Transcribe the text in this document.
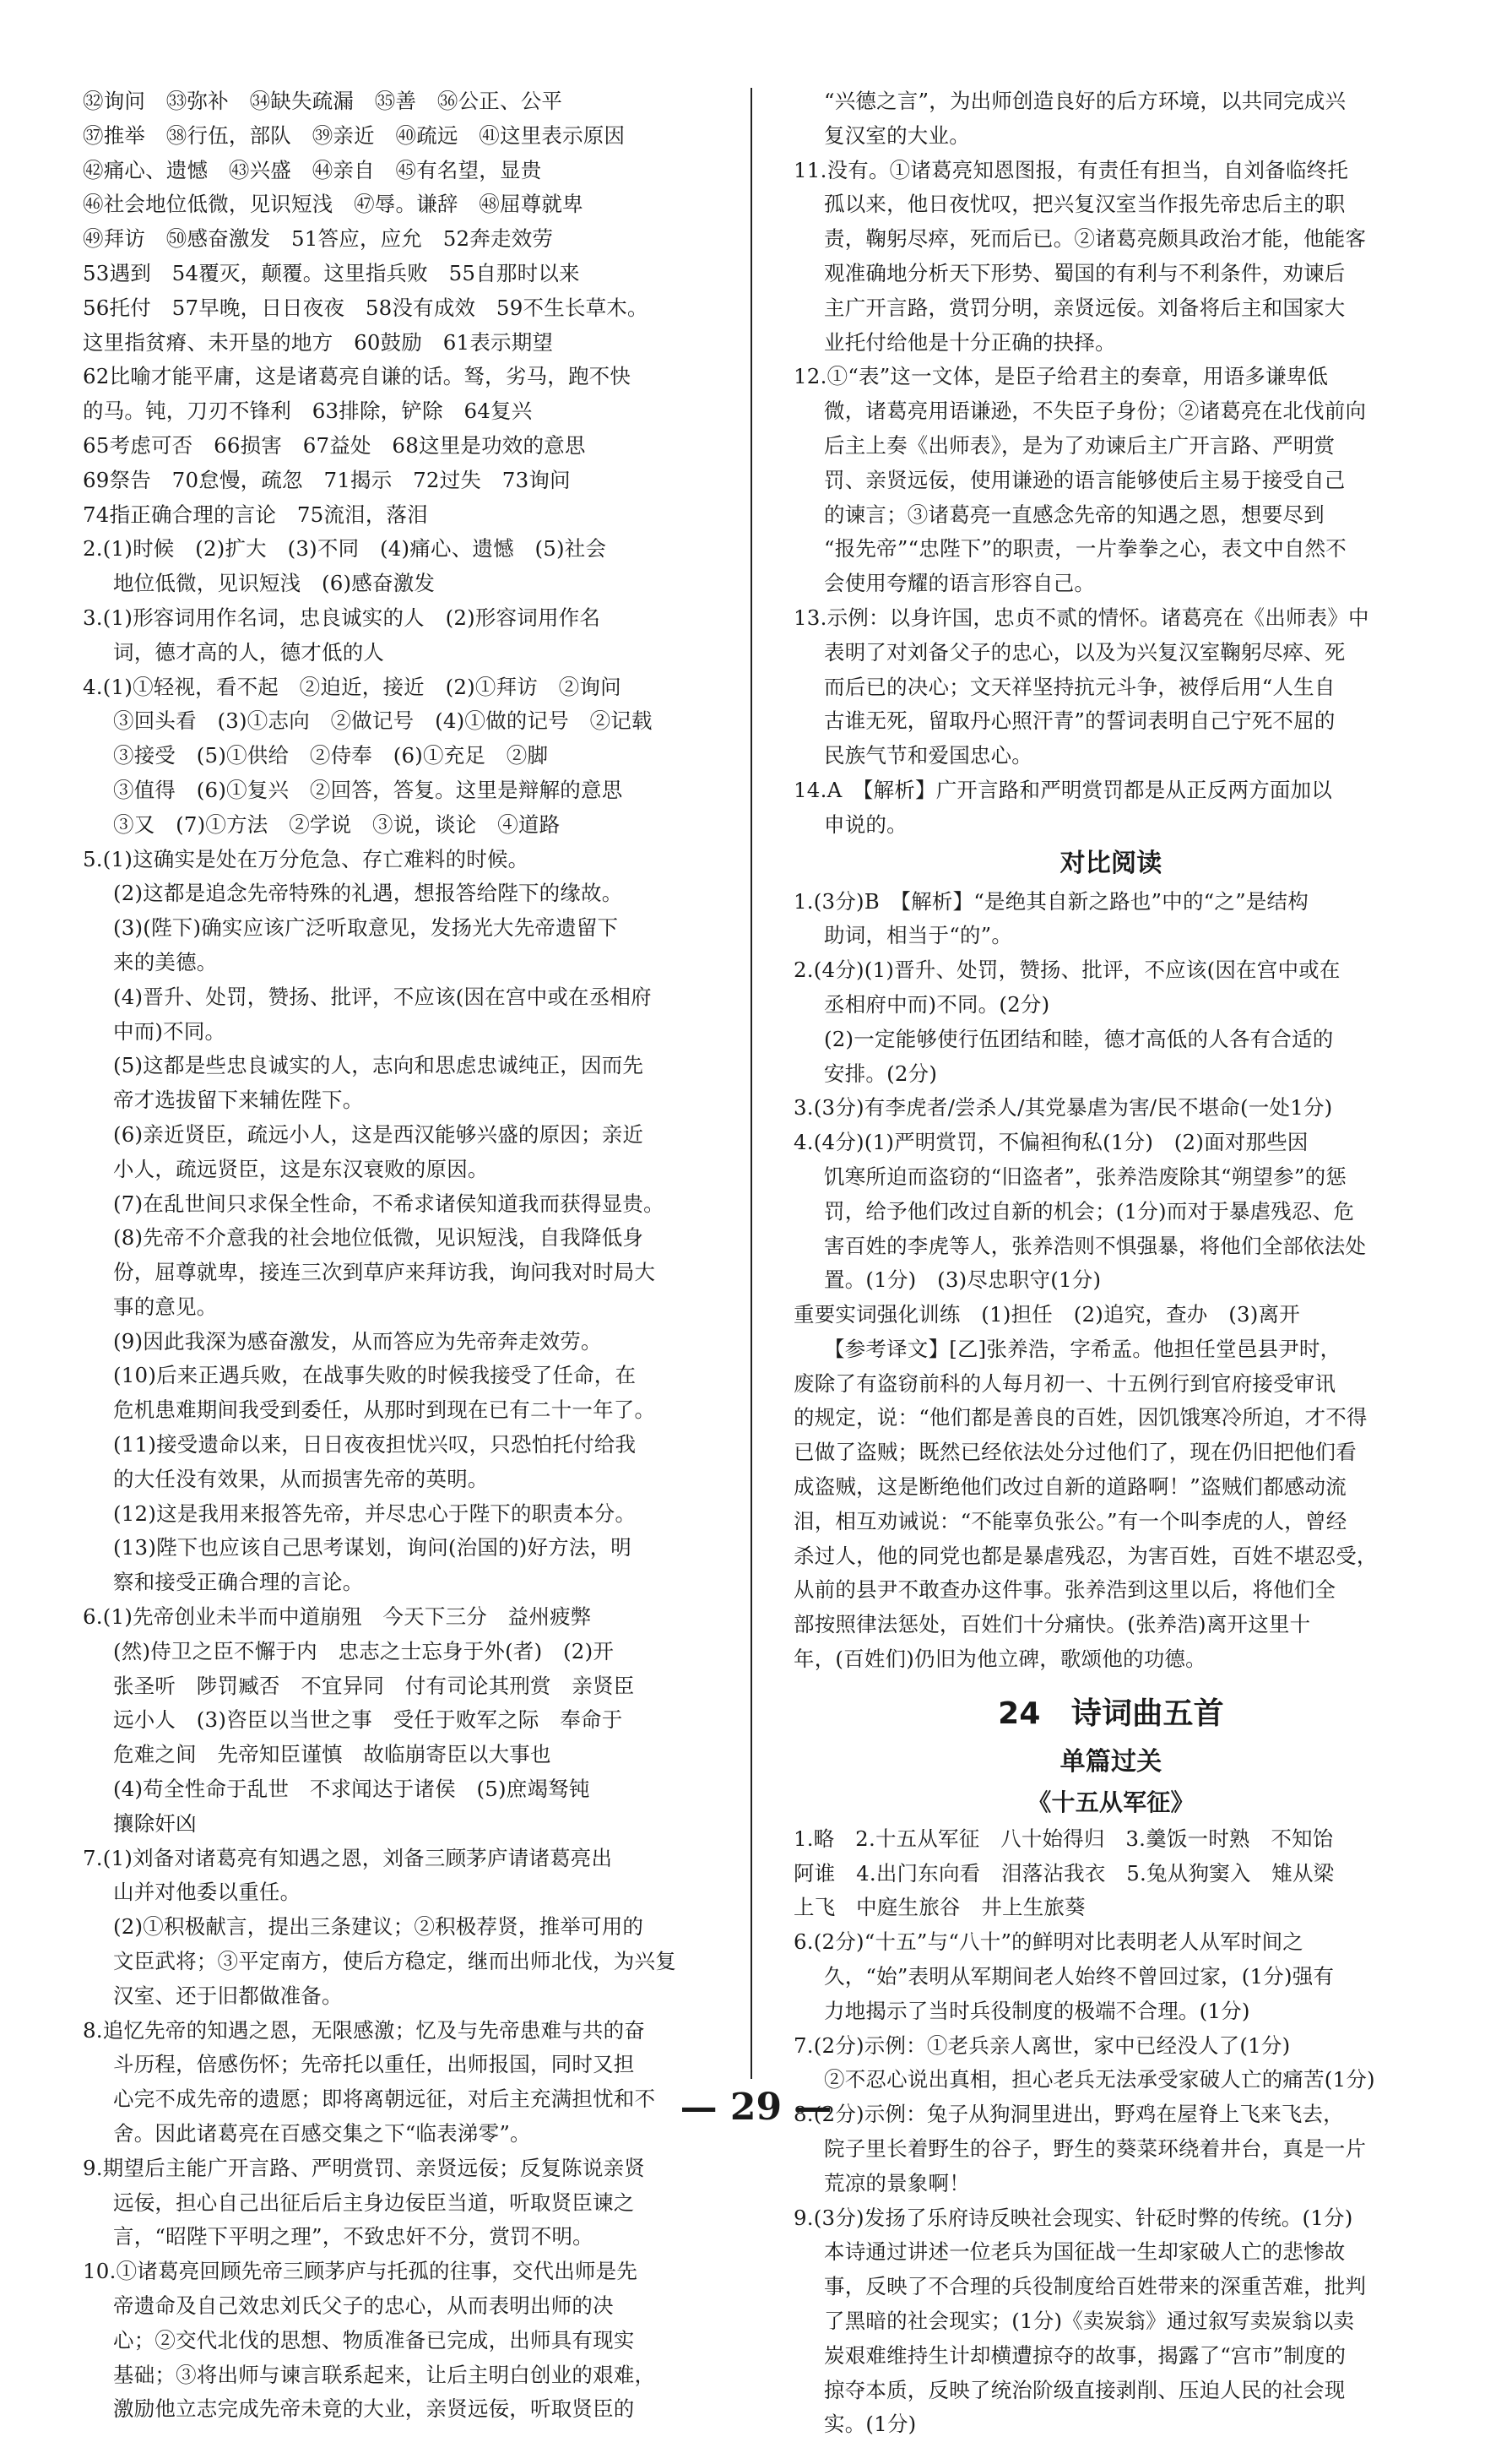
㉜询问　㉝弥补　㉞缺失疏漏　㉟善　㊱公正、公平
㊲推举　㊳行伍，部队　㊴亲近　㊵疏远　㊶这里表示原因
㊷痛心、遗憾　㊸兴盛　㊹亲自　㊺有名望，显贵
㊻社会地位低微，见识短浅　㊼辱。谦辞　㊽屈尊就卑
㊾拜访　㊿感奋激发　51答应，应允　52奔走效劳
53遇到　54覆灭，颠覆。这里指兵败　55自那时以来
56托付　57早晚，日日夜夜　58没有成效　59不生长草木。
这里指贫瘠、未开垦的地方　60鼓励　61表示期望
62比喻才能平庸，这是诸葛亮自谦的话。驽，劣马，跑不快
的马。钝，刀刃不锋利　63排除，铲除　64复兴
65考虑可否　66损害　67益处　68这里是功效的意思
69祭告　70怠慢，疏忽　71揭示　72过失　73询问
74指正确合理的言论　75流泪，落泪
2.(1)时候　(2)扩大　(3)不同　(4)痛心、遗憾　(5)社会
地位低微，见识短浅　(6)感奋激发
3.(1)形容词用作名词，忠良诚实的人　(2)形容词用作名
词，德才高的人，德才低的人
4.(1)①轻视，看不起　②迫近，接近　(2)①拜访　②询问
③回头看　(3)①志向　②做记号　(4)①做的记号　②记载
③接受　(5)①供给　②侍奉　(6)①充足　②脚
③值得　(6)①复兴　②回答，答复。这里是辩解的意思
③又　(7)①方法　②学说　③说，谈论　④道路
5.(1)这确实是处在万分危急、存亡难料的时候。
(2)这都是追念先帝特殊的礼遇，想报答给陛下的缘故。
(3)(陛下)确实应该广泛听取意见，发扬光大先帝遗留下
来的美德。
(4)晋升、处罚，赞扬、批评，不应该(因在宫中或在丞相府
中而)不同。
(5)这都是些忠良诚实的人，志向和思虑忠诚纯正，因而先
帝才选拔留下来辅佐陛下。
(6)亲近贤臣，疏远小人，这是西汉能够兴盛的原因；亲近
小人，疏远贤臣，这是东汉衰败的原因。
(7)在乱世间只求保全性命，不希求诸侯知道我而获得显贵。
(8)先帝不介意我的社会地位低微，见识短浅，自我降低身
份，屈尊就卑，接连三次到草庐来拜访我，询问我对时局大
事的意见。
(9)因此我深为感奋激发，从而答应为先帝奔走效劳。
(10)后来正遇兵败，在战事失败的时候我接受了任命，在
危机患难期间我受到委任，从那时到现在已有二十一年了。
(11)接受遗命以来，日日夜夜担忧兴叹，只恐怕托付给我
的大任没有效果，从而损害先帝的英明。
(12)这是我用来报答先帝，并尽忠心于陛下的职责本分。
(13)陛下也应该自己思考谋划，询问(治国的)好方法，明
察和接受正确合理的言论。
6.(1)先帝创业未半而中道崩殂　今天下三分　益州疲弊
(然)侍卫之臣不懈于内　忠志之士忘身于外(者)　(2)开
张圣听　陟罚臧否　不宜异同　付有司论其刑赏　亲贤臣
远小人　(3)咨臣以当世之事　受任于败军之际　奉命于
危难之间　先帝知臣谨慎　故临崩寄臣以大事也
(4)苟全性命于乱世　不求闻达于诸侯　(5)庶竭驽钝
攘除奸凶
7.(1)刘备对诸葛亮有知遇之恩，刘备三顾茅庐请诸葛亮出
山并对他委以重任。
(2)①积极献言，提出三条建议；②积极荐贤，推举可用的
文臣武将；③平定南方，使后方稳定，继而出师北伐，为兴复
汉室、还于旧都做准备。
8.追忆先帝的知遇之恩，无限感激；忆及与先帝患难与共的奋
斗历程，倍感伤怀；先帝托以重任，出师报国，同时又担
心完不成先帝的遗愿；即将离朝远征，对后主充满担忧和不
舍。因此诸葛亮在百感交集之下“临表涕零”。
9.期望后主能广开言路、严明赏罚、亲贤远佞；反复陈说亲贤
远佞，担心自己出征后后主身边佞臣当道，听取贤臣谏之
言，“昭陛下平明之理”，不致忠奸不分，赏罚不明。
10.①诸葛亮回顾先帝三顾茅庐与托孤的往事，交代出师是先
帝遗命及自己效忠刘氏父子的忠心，从而表明出师的决
心；②交代北伐的思想、物质准备已完成，出师具有现实
基础；③将出师与谏言联系起来，让后主明白创业的艰难，
激励他立志完成先帝未竟的大业，亲贤远佞，听取贤臣的
“兴德之言”，为出师创造良好的后方环境，以共同完成兴
复汉室的大业。
11.没有。①诸葛亮知恩图报，有责任有担当，自刘备临终托
孤以来，他日夜忧叹，把兴复汉室当作报先帝忠后主的职
责，鞠躬尽瘁，死而后已。②诸葛亮颇具政治才能，他能客
观准确地分析天下形势、蜀国的有利与不利条件，劝谏后
主广开言路，赏罚分明，亲贤远佞。刘备将后主和国家大
业托付给他是十分正确的抉择。
12.①“表”这一文体，是臣子给君主的奏章，用语多谦卑低
微，诸葛亮用语谦逊，不失臣子身份；②诸葛亮在北伐前向
后主上奏《出师表》，是为了劝谏后主广开言路、严明赏
罚、亲贤远佞，使用谦逊的语言能够使后主易于接受自己
的谏言；③诸葛亮一直感念先帝的知遇之恩，想要尽到
“报先帝”“忠陛下”的职责，一片拳拳之心，表文中自然不
会使用夸耀的语言形容自己。
13.示例：以身许国，忠贞不贰的情怀。诸葛亮在《出师表》中
表明了对刘备父子的忠心，以及为兴复汉室鞠躬尽瘁、死
而后已的决心；文天祥坚持抗元斗争，被俘后用“人生自
古谁无死，留取丹心照汗青”的誓词表明自己宁死不屈的
民族气节和爱国忠心。
14.A　【解析】广开言路和严明赏罚都是从正反两方面加以
申说的。
对比阅读
1.(3分)B　【解析】“是绝其自新之路也”中的“之”是结构
助词，相当于“的”。
2.(4分)(1)晋升、处罚，赞扬、批评，不应该(因在宫中或在
丞相府中而)不同。(2分)
(2)一定能够使行伍团结和睦，德才高低的人各有合适的
安排。(2分)
3.(3分)有李虎者/尝杀人/其党暴虐为害/民不堪命(一处1分)
4.(4分)(1)严明赏罚，不偏袒徇私(1分)　(2)面对那些因
饥寒所迫而盗窃的“旧盗者”，张养浩废除其“朔望参”的惩
罚，给予他们改过自新的机会；(1分)而对于暴虐残忍、危
害百姓的李虎等人，张养浩则不惧强暴，将他们全部依法处
置。(1分)　(3)尽忠职守(1分)
重要实词强化训练　(1)担任　(2)追究，查办　(3)离开
【参考译文】[乙]张养浩，字希孟。他担任堂邑县尹时，
废除了有盗窃前科的人每月初一、十五例行到官府接受审讯
的规定，说：“他们都是善良的百姓，因饥饿寒冷所迫，才不得
已做了盗贼；既然已经依法处分过他们了，现在仍旧把他们看
成盗贼，这是断绝他们改过自新的道路啊！”盗贼们都感动流
泪，相互劝诫说：“不能辜负张公。”有一个叫李虎的人，曾经
杀过人，他的同党也都是暴虐残忍，为害百姓，百姓不堪忍受，
从前的县尹不敢查办这件事。张养浩到这里以后，将他们全
部按照律法惩处，百姓们十分痛快。(张养浩)离开这里十
年，(百姓们)仍旧为他立碑，歌颂他的功德。
24　诗词曲五首
单篇过关
《十五从军征》
1.略　2.十五从军征　八十始得归　3.羹饭一时熟　不知饴
阿谁　4.出门东向看　泪落沾我衣　5.兔从狗窦入　雉从梁
上飞　中庭生旅谷　井上生旅葵
6.(2分)“十五”与“八十”的鲜明对比表明老人从军时间之
久，“始”表明从军期间老人始终不曾回过家，(1分)强有
力地揭示了当时兵役制度的极端不合理。(1分)
7.(2分)示例：①老兵亲人离世，家中已经没人了(1分)
②不忍心说出真相，担心老兵无法承受家破人亡的痛苦(1分)
8.(2分)示例：兔子从狗洞里进出，野鸡在屋脊上飞来飞去，
院子里长着野生的谷子，野生的葵菜环绕着井台，真是一片
荒凉的景象啊！
9.(3分)发扬了乐府诗反映社会现实、针砭时弊的传统。(1分)
本诗通过讲述一位老兵为国征战一生却家破人亡的悲惨故
事，反映了不合理的兵役制度给百姓带来的深重苦难，批判
了黑暗的社会现实；(1分)《卖炭翁》通过叙写卖炭翁以卖
炭艰难维持生计却横遭掠夺的故事，揭露了“宫市”制度的
掠夺本质，反映了统治阶级直接剥削、压迫人民的社会现
实。(1分)
— 29 —
